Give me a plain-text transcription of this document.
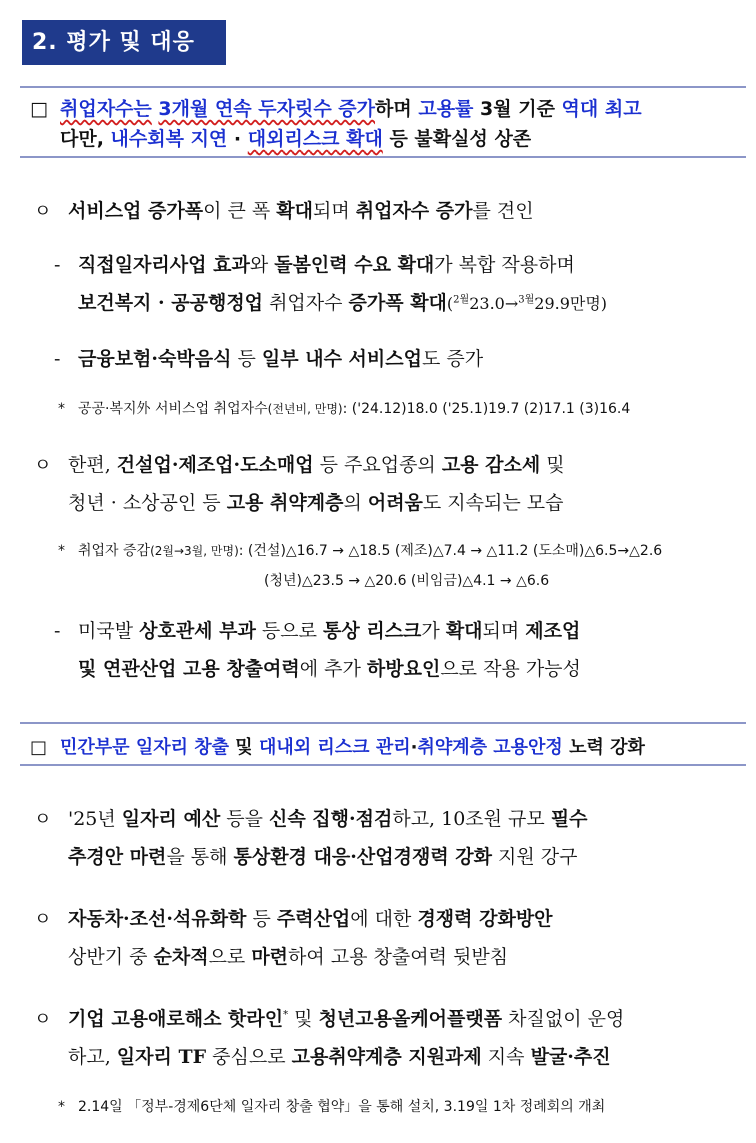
2. 평가 및 대응
□ 취업자수는 3개월 연속 두자릿수 증가하며 고용률 3월 기준 역대 최고
다만, 내수회복 지연 · 대외리스크 확대 등 불확실성 상존
ㅇ 서비스업 증가폭이 큰 폭 확대되며 취업자수 증가를 견인
- 직접일자리사업 효과와 돌봄인력 수요 확대가 복합 작용하며
보건복지 · 공공행정업 취업자수 증가폭 확대($^{2월}$23.0→$^{3월}$29.9만명)
- 금융보험·숙박음식 등 일부 내수 서비스업도 증가
* 공공·복지外 서비스업 취업자수(전년비, 만명): ('24.12)18.0 ('25.1)19.7 (2)17.1 (3)16.4
ㅇ 한편, 건설업·제조업·도소매업 등 주요업종의 고용 감소세 및
청년 · 소상공인 등 고용 취약계층의 어려움도 지속되는 모습
* 취업자 증감(2월→3월, 만명): (건설)△16.7 → △18.5 (제조)△7.4 → △11.2 (도소매)△6.5→△2.6
(청년)△23.5 → △20.6 (비임금)△4.1 → △6.6
- 미국발 상호관세 부과 등으로 통상 리스크가 확대되며 제조업
및 연관산업 고용 창출여력에 추가 하방요인으로 작용 가능성
□ 민간부문 일자리 창출 및 대내외 리스크 관리·취약계층 고용안정 노력 강화
ㅇ '25년 일자리 예산 등을 신속 집행·점검하고, 10조원 규모 필수
추경안 마련을 통해 통상환경 대응·산업경쟁력 강화 지원 강구
ㅇ 자동차·조선·석유화학 등 주력산업에 대한 경쟁력 강화방안
상반기 중 순차적으로 마련하여 고용 창출여력 뒷받침
ㅇ 기업 고용애로해소 핫라인* 및 청년고용올케어플랫폼 차질없이 운영
하고, 일자리 TF 중심으로 고용취약계층 지원과제 지속 발굴·추진
* 2.14일 「정부-경제6단체 일자리 창출 협약」을 통해 설치, 3.19일 1차 정례회의 개최
